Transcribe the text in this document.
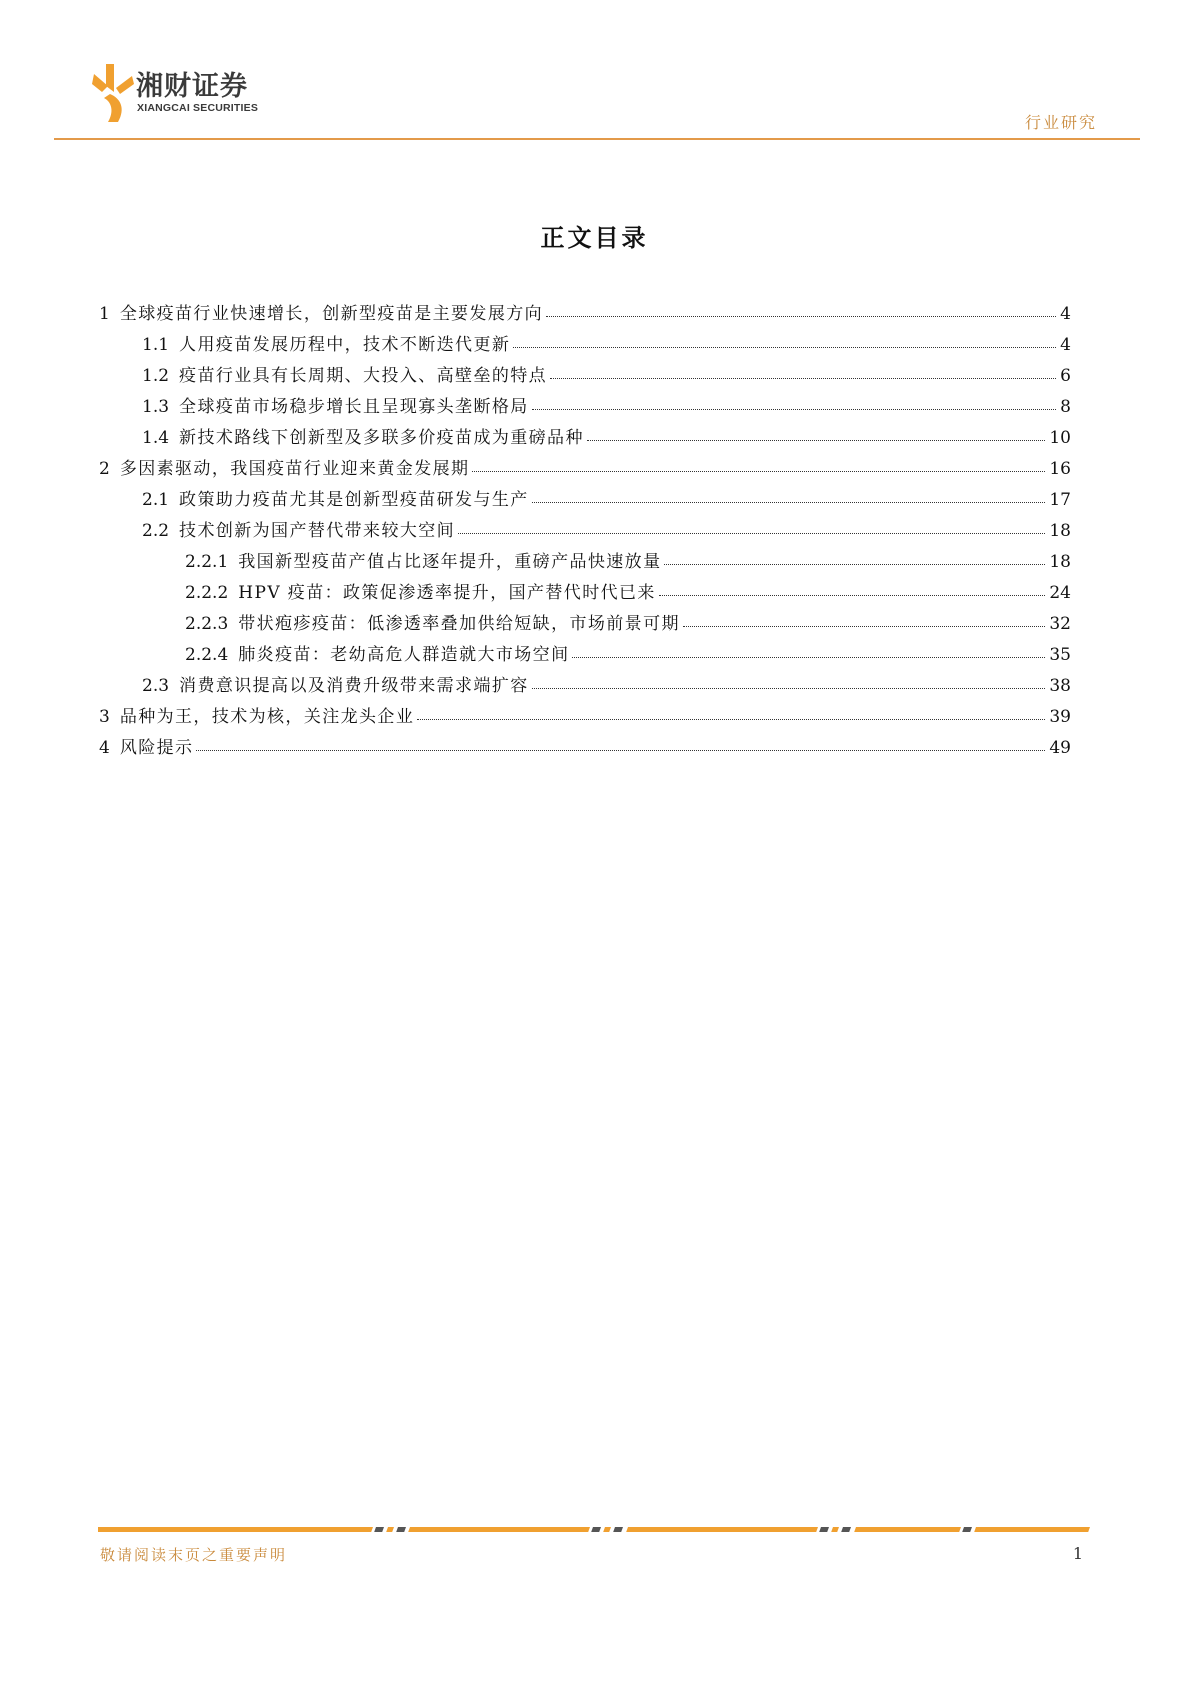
湘财证券
XIANGCAI SECURITIES
行业研究
正文目录
1 全球疫苗行业快速增长，创新型疫苗是主要发展方向	4
1.1 人用疫苗发展历程中，技术不断迭代更新	4
1.2 疫苗行业具有长周期、大投入、高壁垒的特点	6
1.3 全球疫苗市场稳步增长且呈现寡头垄断格局	8
1.4 新技术路线下创新型及多联多价疫苗成为重磅品种	10
2 多因素驱动，我国疫苗行业迎来黄金发展期	16
2.1 政策助力疫苗尤其是创新型疫苗研发与生产	17
2.2 技术创新为国产替代带来较大空间	18
2.2.1 我国新型疫苗产值占比逐年提升，重磅产品快速放量	18
2.2.2 HPV 疫苗：政策促渗透率提升，国产替代时代已来	24
2.2.3 带状疱疹疫苗：低渗透率叠加供给短缺，市场前景可期	32
2.2.4 肺炎疫苗：老幼高危人群造就大市场空间	35
2.3 消费意识提高以及消费升级带来需求端扩容	38
3 品种为王，技术为核，关注龙头企业	39
4 风险提示	49
敬请阅读末页之重要声明	1
